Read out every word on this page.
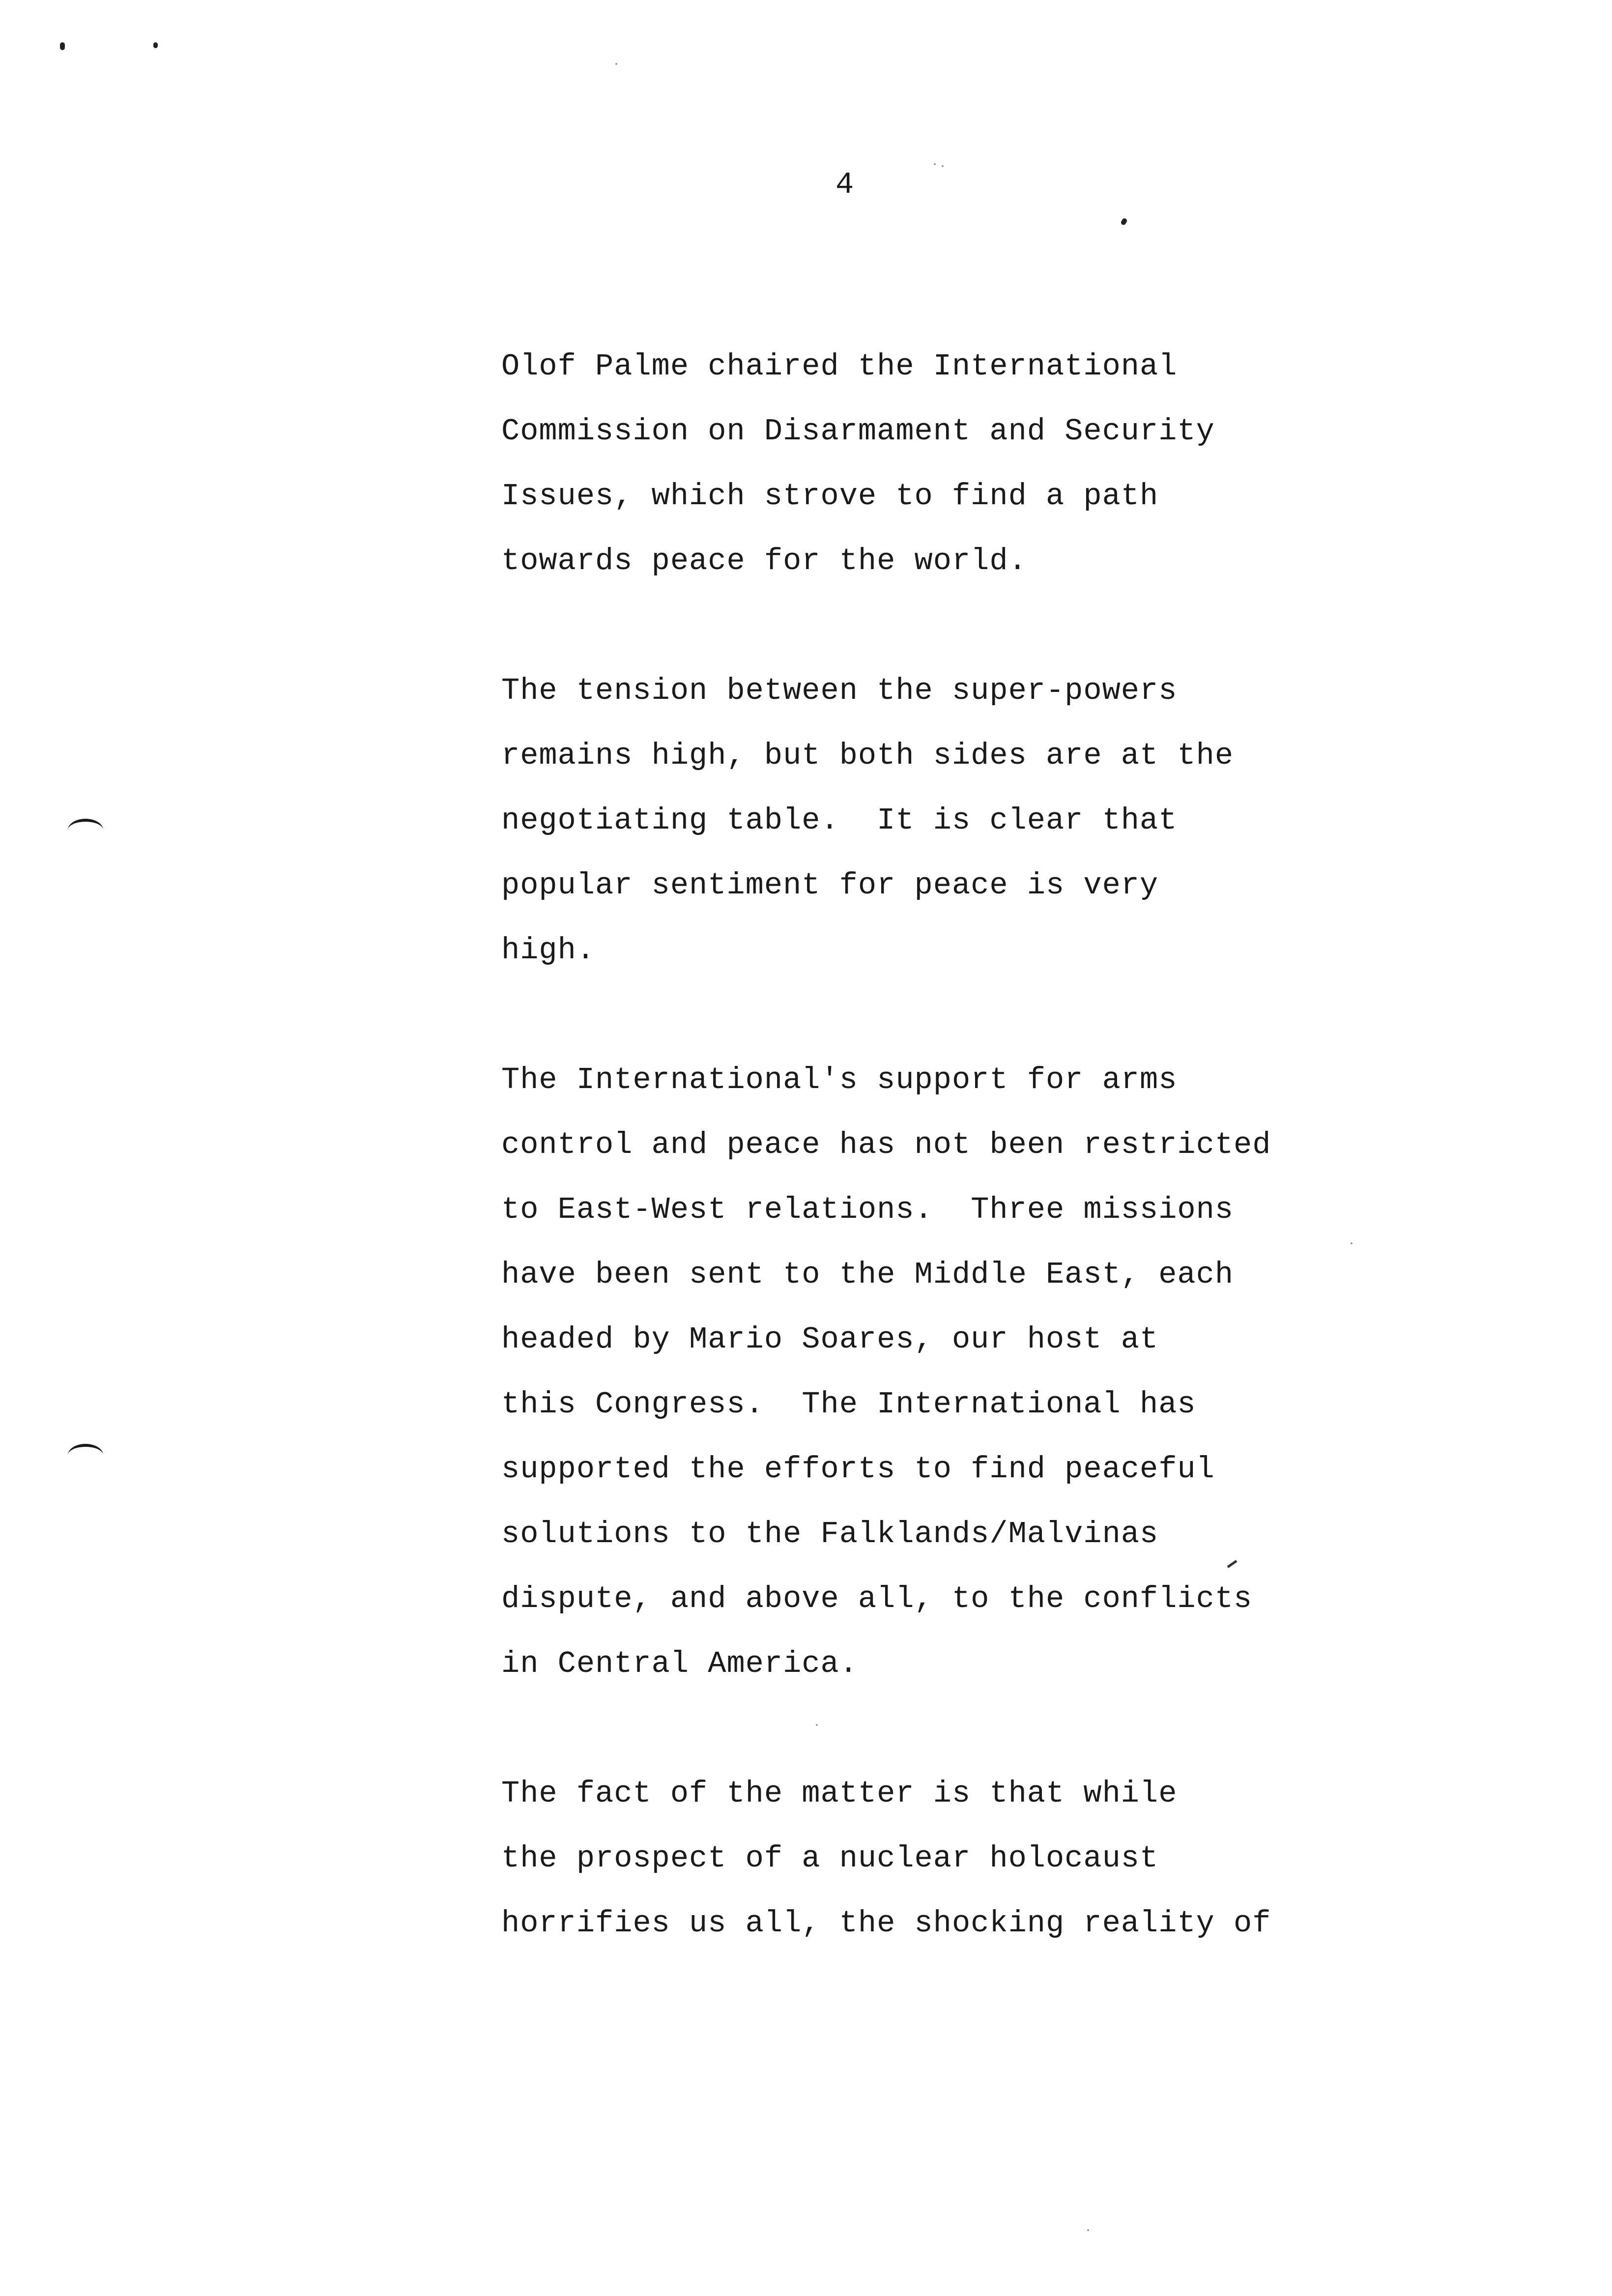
4
Olof Palme chaired the International
Commission on Disarmament and Security
Issues, which strove to find a path
towards peace for the world.
The tension between the super-powers
remains high, but both sides are at the
negotiating table.  It is clear that
popular sentiment for peace is very
high.
The International's support for arms
control and peace has not been restricted
to East-West relations.  Three missions
have been sent to the Middle East, each
headed by Mario Soares, our host at
this Congress.  The International has
supported the efforts to find peaceful
solutions to the Falklands/Malvinas
dispute, and above all, to the conflicts
in Central America.
The fact of the matter is that while
the prospect of a nuclear holocaust
horrifies us all, the shocking reality of
